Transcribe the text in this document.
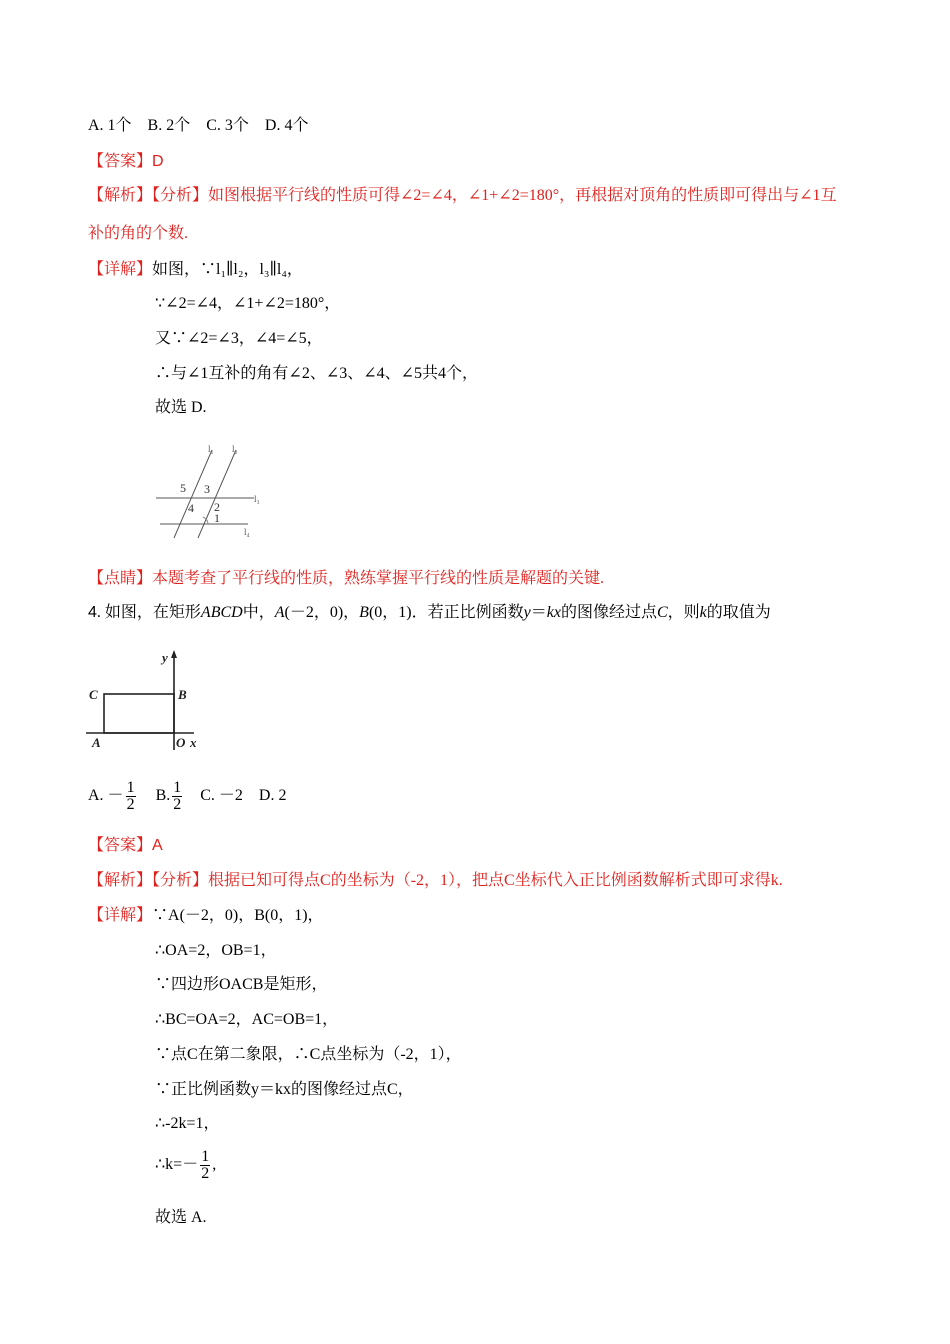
A. 1个　B. 2个　C. 3个　D. 4个
【答案】D
【解析】【分析】如图根据平行线的性质可得∠2=∠4，∠1+∠2=180°，再根据对顶角的性质即可得出与∠1互
补的角的个数.
【详解】如图，∵l₁∥l₂，l₃∥l₄，
∵∠2=∠4，∠1+∠2=180°，
又∵∠2=∠3，∠4=∠5，
∴与∠1互补的角有∠2、∠3、∠4、∠5共4个，
故选 D.
l₁ l₂
l₃
l₄
1
2
3
4
5
【点睛】本题考查了平行线的性质，熟练掌握平行线的性质是解题的关键.
4. 如图，在矩形ABCD中，A(－2，0)，B(0，1)．若正比例函数y＝kx的图像经过点C，则k的取值为
y
C	B
A	O x
A. － $\frac{1}{2} B$. $\frac{1}{2} C$. －2 D. 2
【答案】A
【解析】【分析】根据已知可得点C的坐标为（-2，1），把点C坐标代入正比例函数解析式即可求得k.
【详解】∵A(－2，0)，B(0，1)，
∴OA=2，OB=1，
∵四边形OACB是矩形，
∴BC=OA=2，AC=OB=1，
∵点C在第二象限，∴C点坐标为（-2，1），
∵正比例函数y＝kx的图像经过点C，
∴-2k=1，
∴k=－ $\frac{1}{2}$ ,
故选 A.
